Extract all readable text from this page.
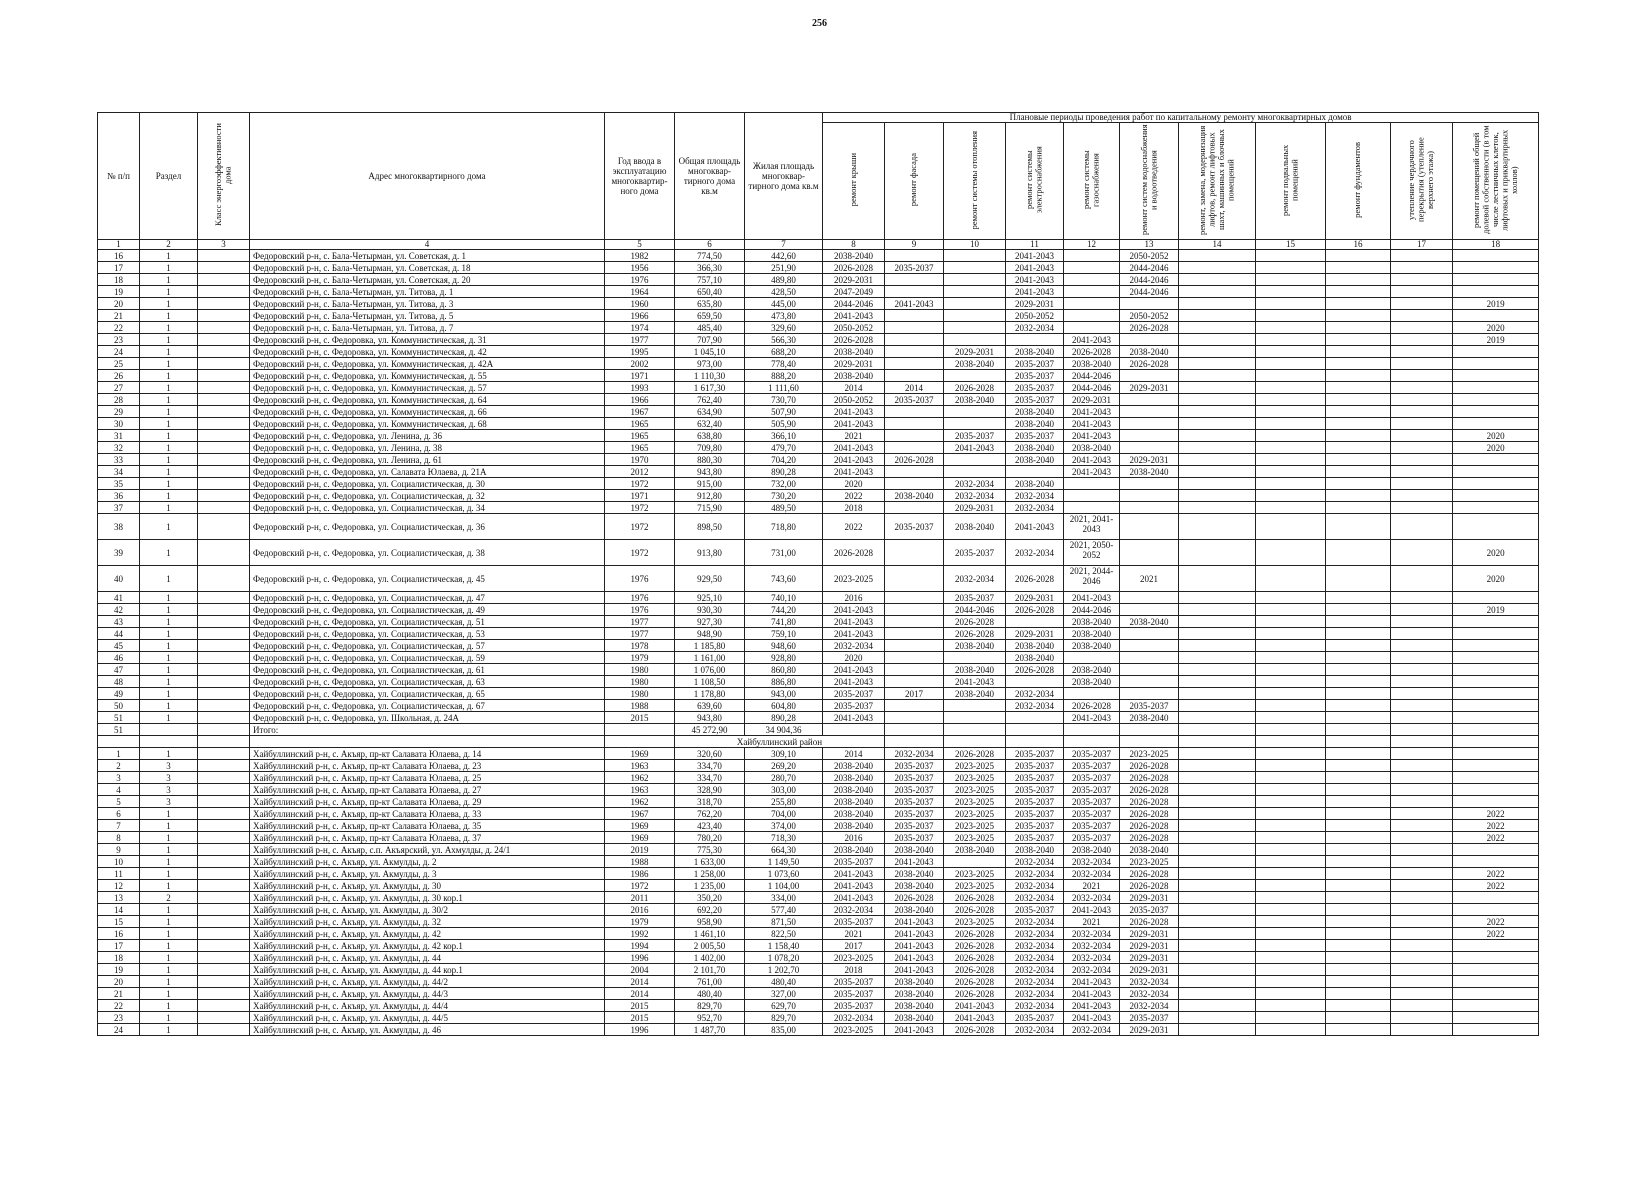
256
№ п/п	Раздел	Класс энергоэффективности дома	Адрес многоквартирного дома	Год ввода в эксплуатацию многоквартир-ного дома	Общая площадь многоквар-тирного дома кв.м	Жилая площадь многоквар-тирного дома кв.м	Плановые периоды проведения работ по капитальному ремонту многоквартирных домов										
							ремонт крыши	ремонт фасада	ремонт системы отопления	ремонт системы электроснабжения	ремонт системы газоснабжения	ремонт систем водоснабжения и водоотведения	ремонт, замена, модернизация лифтов, ремонт лифтовых шахт, машинных и блочных помещений	ремонт подвальных помещений	ремонт фундаментов	утепление чердачного перекрытия (утепление верхнего этажа)	ремонт помещений общей долевой собственности (в том числе лестничных клеток, лифтовых и приквартирных холлов)
1	2	3	4	5	6	7	8	9	10	11	12	13	14	15	16	17	18
16	1		Федоровский р-н, с. Бала-Четырман, ул. Советская, д. 1	1982	774,50	442,60	2038-2040			2041-2043		2050-2052					
17	1		Федоровский р-н, с. Бала-Четырман, ул. Советская, д. 18	1956	366,30	251,90	2026-2028	2035-2037		2041-2043		2044-2046					
18	1		Федоровский р-н, с. Бала-Четырман, ул. Советская, д. 20	1976	757,10	489,80	2029-2031			2041-2043		2044-2046					
19	1		Федоровский р-н, с. Бала-Четырман, ул. Титова, д. 1	1964	650,40	428,50	2047-2049			2041-2043		2044-2046					
20	1		Федоровский р-н, с. Бала-Четырман, ул. Титова, д. 3	1960	635,80	445,00	2044-2046	2041-2043		2029-2031							2019
21	1		Федоровский р-н, с. Бала-Четырман, ул. Титова, д. 5	1966	659,50	473,80	2041-2043			2050-2052		2050-2052					
22	1		Федоровский р-н, с. Бала-Четырман, ул. Титова, д. 7	1974	485,40	329,60	2050-2052			2032-2034		2026-2028					2020
23	1		Федоровский р-н, с. Федоровка, ул. Коммунистическая, д. 31	1977	707,90	566,30	2026-2028				2041-2043						2019
24	1		Федоровский р-н, с. Федоровка, ул. Коммунистическая, д. 42	1995	1 045,10	688,20	2038-2040		2029-2031	2038-2040	2026-2028	2038-2040					
25	1		Федоровский р-н, с. Федоровка, ул. Коммунистическая, д. 42А	2002	973,00	778,40	2029-2031		2038-2040	2035-2037	2038-2040	2026-2028					
26	1		Федоровский р-н, с. Федоровка, ул. Коммунистическая, д. 55	1971	1 110,30	888,20	2038-2040			2035-2037	2044-2046						
27	1		Федоровский р-н, с. Федоровка, ул. Коммунистическая, д. 57	1993	1 617,30	1 111,60	2014	2014	2026-2028	2035-2037	2044-2046	2029-2031					
28	1		Федоровский р-н, с. Федоровка, ул. Коммунистическая, д. 64	1966	762,40	730,70	2050-2052	2035-2037	2038-2040	2035-2037	2029-2031						
29	1		Федоровский р-н, с. Федоровка, ул. Коммунистическая, д. 66	1967	634,90	507,90	2041-2043			2038-2040	2041-2043						
30	1		Федоровский р-н, с. Федоровка, ул. Коммунистическая, д. 68	1965	632,40	505,90	2041-2043			2038-2040	2041-2043						
31	1		Федоровский р-н, с. Федоровка, ул. Ленина, д. 36	1965	638,80	366,10	2021		2035-2037	2035-2037	2041-2043						2020
32	1		Федоровский р-н, с. Федоровка, ул. Ленина, д. 38	1965	709,80	479,70	2041-2043		2041-2043	2038-2040	2038-2040						2020
33	1		Федоровский р-н, с. Федоровка, ул. Ленина, д. 61	1970	880,30	704,20	2041-2043	2026-2028		2038-2040	2041-2043	2029-2031					
34	1		Федоровский р-н, с. Федоровка, ул. Салавата Юлаева, д. 21А	2012	943,80	890,28	2041-2043				2041-2043	2038-2040					
35	1		Федоровский р-н, с. Федоровка, ул. Социалистическая, д. 30	1972	915,00	732,00	2020		2032-2034	2038-2040							
36	1		Федоровский р-н, с. Федоровка, ул. Социалистическая, д. 32	1971	912,80	730,20	2022	2038-2040	2032-2034	2032-2034							
37	1		Федоровский р-н, с. Федоровка, ул. Социалистическая, д. 34	1972	715,90	489,50	2018		2029-2031	2032-2034							
38	1		Федоровский р-н, с. Федоровка, ул. Социалистическая, д. 36	1972	898,50	718,80	2022	2035-2037	2038-2040	2041-2043	2021, 2041-2043						
39	1		Федоровский р-н, с. Федоровка, ул. Социалистическая, д. 38	1972	913,80	731,00	2026-2028		2035-2037	2032-2034	2021, 2050-2052						2020
40	1		Федоровский р-н, с. Федоровка, ул. Социалистическая, д. 45	1976	929,50	743,60	2023-2025		2032-2034	2026-2028	2021, 2044-2046	2021					2020
41	1		Федоровский р-н, с. Федоровка, ул. Социалистическая, д. 47	1976	925,10	740,10	2016		2035-2037	2029-2031	2041-2043						
42	1		Федоровский р-н, с. Федоровка, ул. Социалистическая, д. 49	1976	930,30	744,20	2041-2043		2044-2046	2026-2028	2044-2046						2019
43	1		Федоровский р-н, с. Федоровка, ул. Социалистическая, д. 51	1977	927,30	741,80	2041-2043		2026-2028		2038-2040	2038-2040					
44	1		Федоровский р-н, с. Федоровка, ул. Социалистическая, д. 53	1977	948,90	759,10	2041-2043		2026-2028	2029-2031	2038-2040						
45	1		Федоровский р-н, с. Федоровка, ул. Социалистическая, д. 57	1978	1 185,80	948,60	2032-2034		2038-2040	2038-2040	2038-2040						
46	1		Федоровский р-н, с. Федоровка, ул. Социалистическая, д. 59	1979	1 161,00	928,80	2020			2038-2040							
47	1		Федоровский р-н, с. Федоровка, ул. Социалистическая, д. 61	1980	1 076,00	860,80	2041-2043		2038-2040	2026-2028	2038-2040						
48	1		Федоровский р-н, с. Федоровка, ул. Социалистическая, д. 63	1980	1 108,50	886,80	2041-2043		2041-2043		2038-2040						
49	1		Федоровский р-н, с. Федоровка, ул. Социалистическая, д. 65	1980	1 178,80	943,00	2035-2037	2017	2038-2040	2032-2034							
50	1		Федоровский р-н, с. Федоровка, ул. Социалистическая, д. 67	1988	639,60	604,80	2035-2037			2032-2034	2026-2028	2035-2037					
51	1		Федоровский р-н, с. Федоровка, ул. Школьная, д. 24А	2015	943,80	890,28	2041-2043				2041-2043	2038-2040					
51			Итого:		45 272,90	34 904,36											
					Хайбуллинский район												
1	1		Хайбуллинский р-н, с. Акъяр, пр-кт Салавата Юлаева, д. 14	1969	320,60	309,10	2014	2032-2034	2026-2028	2035-2037	2035-2037	2023-2025					
2	3		Хайбуллинский р-н, с. Акъяр, пр-кт Салавата Юлаева, д. 23	1963	334,70	269,20	2038-2040	2035-2037	2023-2025	2035-2037	2035-2037	2026-2028					
3	3		Хайбуллинский р-н, с. Акъяр, пр-кт Салавата Юлаева, д. 25	1962	334,70	280,70	2038-2040	2035-2037	2023-2025	2035-2037	2035-2037	2026-2028					
4	3		Хайбуллинский р-н, с. Акъяр, пр-кт Салавата Юлаева, д. 27	1963	328,90	303,00	2038-2040	2035-2037	2023-2025	2035-2037	2035-2037	2026-2028					
5	3		Хайбуллинский р-н, с. Акъяр, пр-кт Салавата Юлаева, д. 29	1962	318,70	255,80	2038-2040	2035-2037	2023-2025	2035-2037	2035-2037	2026-2028					
6	1		Хайбуллинский р-н, с. Акъяр, пр-кт Салавата Юлаева, д. 33	1967	762,20	704,00	2038-2040	2035-2037	2023-2025	2035-2037	2035-2037	2026-2028					2022
7	1		Хайбуллинский р-н, с. Акъяр, пр-кт Салавата Юлаева, д. 35	1969	423,40	374,00	2038-2040	2035-2037	2023-2025	2035-2037	2035-2037	2026-2028					2022
8	1		Хайбуллинский р-н, с. Акъяр, пр-кт Салавата Юлаева, д. 37	1969	780,20	718,30	2016	2035-2037	2023-2025	2035-2037	2035-2037	2026-2028					2022
9	1		Хайбуллинский р-н, с. Акъяр, с.п. Акъярский, ул. Ахмулды, д. 24/1	2019	775,30	664,30	2038-2040	2038-2040	2038-2040	2038-2040	2038-2040	2038-2040					
10	1		Хайбуллинский р-н, с. Акъяр, ул. Акмулды, д. 2	1988	1 633,00	1 149,50	2035-2037	2041-2043		2032-2034	2032-2034	2023-2025					
11	1		Хайбуллинский р-н, с. Акъяр, ул. Акмулды, д. 3	1986	1 258,00	1 073,60	2041-2043	2038-2040	2023-2025	2032-2034	2032-2034	2026-2028					2022
12	1		Хайбуллинский р-н, с. Акъяр, ул. Акмулды, д. 30	1972	1 235,00	1 104,00	2041-2043	2038-2040	2023-2025	2032-2034	2021	2026-2028					2022
13	2		Хайбуллинский р-н, с. Акъяр, ул. Акмулды, д. 30 кор.1	2011	350,20	334,00	2041-2043	2026-2028	2026-2028	2032-2034	2032-2034	2029-2031					
14	1		Хайбуллинский р-н, с. Акъяр, ул. Акмулды, д. 30/2	2016	692,20	577,40	2032-2034	2038-2040	2026-2028	2035-2037	2041-2043	2035-2037					
15	1		Хайбуллинский р-н, с. Акъяр, ул. Акмулды, д. 32	1979	958,90	871,50	2035-2037	2041-2043	2023-2025	2032-2034	2021	2026-2028					2022
16	1		Хайбуллинский р-н, с. Акъяр, ул. Акмулды, д. 42	1992	1 461,10	822,50	2021	2041-2043	2026-2028	2032-2034	2032-2034	2029-2031					2022
17	1		Хайбуллинский р-н, с. Акъяр, ул. Акмулды, д. 42 кор.1	1994	2 005,50	1 158,40	2017	2041-2043	2026-2028	2032-2034	2032-2034	2029-2031					
18	1		Хайбуллинский р-н, с. Акъяр, ул. Акмулды, д. 44	1996	1 402,00	1 078,20	2023-2025	2041-2043	2026-2028	2032-2034	2032-2034	2029-2031					
19	1		Хайбуллинский р-н, с. Акъяр, ул. Акмулды, д. 44 кор.1	2004	2 101,70	1 202,70	2018	2041-2043	2026-2028	2032-2034	2032-2034	2029-2031					
20	1		Хайбуллинский р-н, с. Акъяр, ул. Акмулды, д. 44/2	2014	761,00	480,40	2035-2037	2038-2040	2026-2028	2032-2034	2041-2043	2032-2034					
21	1		Хайбуллинский р-н, с. Акъяр, ул. Акмулды, д. 44/3	2014	480,40	327,00	2035-2037	2038-2040	2026-2028	2032-2034	2041-2043	2032-2034					
22	1		Хайбуллинский р-н, с. Акъяр, ул. Акмулды, д. 44/4	2015	829,70	629,70	2035-2037	2038-2040	2041-2043	2032-2034	2041-2043	2032-2034					
23	1		Хайбуллинский р-н, с. Акъяр, ул. Акмулды, д. 44/5	2015	952,70	829,70	2032-2034	2038-2040	2041-2043	2035-2037	2041-2043	2035-2037					
24	1		Хайбуллинский р-н, с. Акъяр, ул. Акмулды, д. 46	1996	1 487,70	835,00	2023-2025	2041-2043	2026-2028	2032-2034	2032-2034	2029-2031					
